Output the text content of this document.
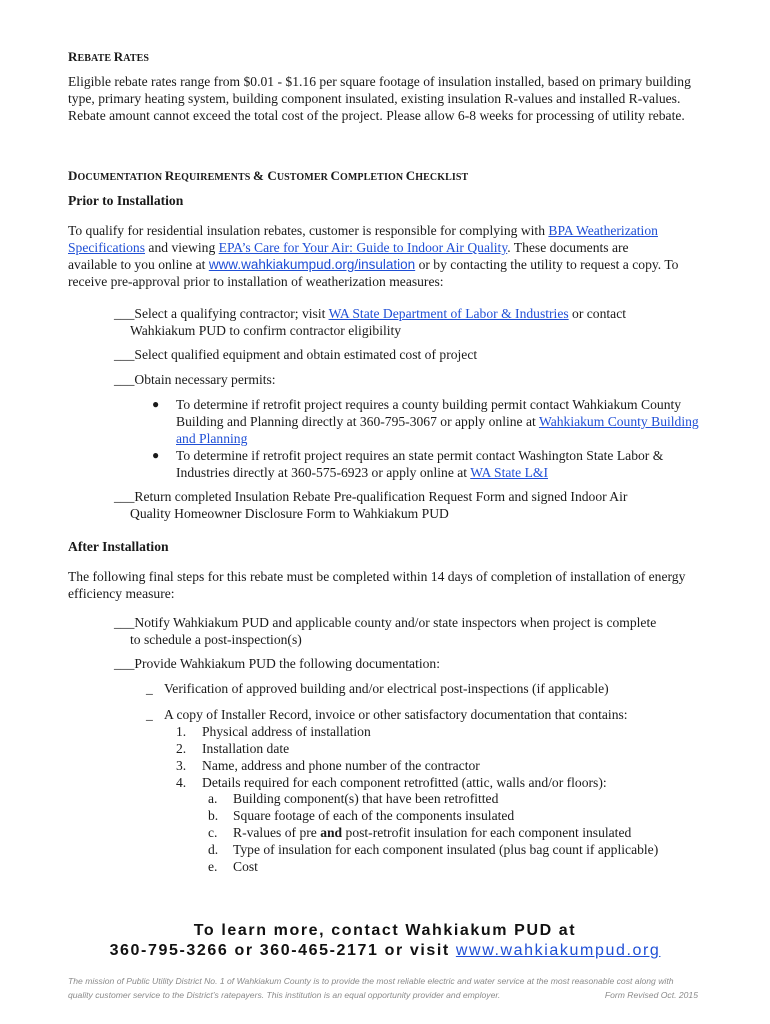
REBATE RATES
Eligible rebate rates range from $0.01 - $1.16 per square footage of insulation installed, based on primary building type, primary heating system, building component insulated, existing insulation R-values and installed R-values. Rebate amount cannot exceed the total cost of the project. Please allow 6-8 weeks for processing of utility rebate.
DOCUMENTATION REQUIREMENTS & CUSTOMER COMPLETION CHECKLIST
Prior to Installation
To qualify for residential insulation rebates, customer is responsible for complying with BPA Weatherization Specifications and viewing EPA’s Care for Your Air: Guide to Indoor Air Quality. These documents are available to you online at www.wahkiakumpud.org/insulation or by contacting the utility to request a copy. To receive pre-approval prior to installation of weatherization measures:
___Select a qualifying contractor; visit WA State Department of Labor & Industries or contact
Wahkiakum PUD to confirm contractor eligibility
___Select qualified equipment and obtain estimated cost of project
___Obtain necessary permits:
● To determine if retrofit project requires a county building permit contact Wahkiakum County Building and Planning directly at 360-795-3067 or apply online at Wahkiakum County Building and Planning
● To determine if retrofit project requires an state permit contact Washington State Labor & Industries directly at 360-575-6923 or apply online at WA State L&I
___Return completed Insulation Rebate Pre-qualification Request Form and signed Indoor Air
Quality Homeowner Disclosure Form to Wahkiakum PUD
After Installation
The following final steps for this rebate must be completed within 14 days of completion of installation of energy efficiency measure:
___Notify Wahkiakum PUD and applicable county and/or state inspectors when project is complete
to schedule a post-inspection(s)
___Provide Wahkiakum PUD the following documentation:
_ Verification of approved building and/or electrical post-inspections (if applicable)
_ A copy of Installer Record, invoice or other satisfactory documentation that contains:
1. Physical address of installation
2. Installation date
3. Name, address and phone number of the contractor
4. Details required for each component retrofitted (attic, walls and/or floors):
a. Building component(s) that have been retrofitted
b. Square footage of each of the components insulated
c. R-values of pre and post-retrofit insulation for each component insulated
d. Type of insulation for each component insulated (plus bag count if applicable)
e. Cost
To learn more, contact Wahkiakum PUD at
360-795-3266 or 360-465-2171 or visit www.wahkiakumpud.org
The mission of Public Utility District No. 1 of Wahkiakum County is to provide the most reliable electric and water service at the most reasonable cost along with quality customer service to the District’s ratepayers. This institution is an equal opportunity provider and employer.	Form Revised Oct. 2015
